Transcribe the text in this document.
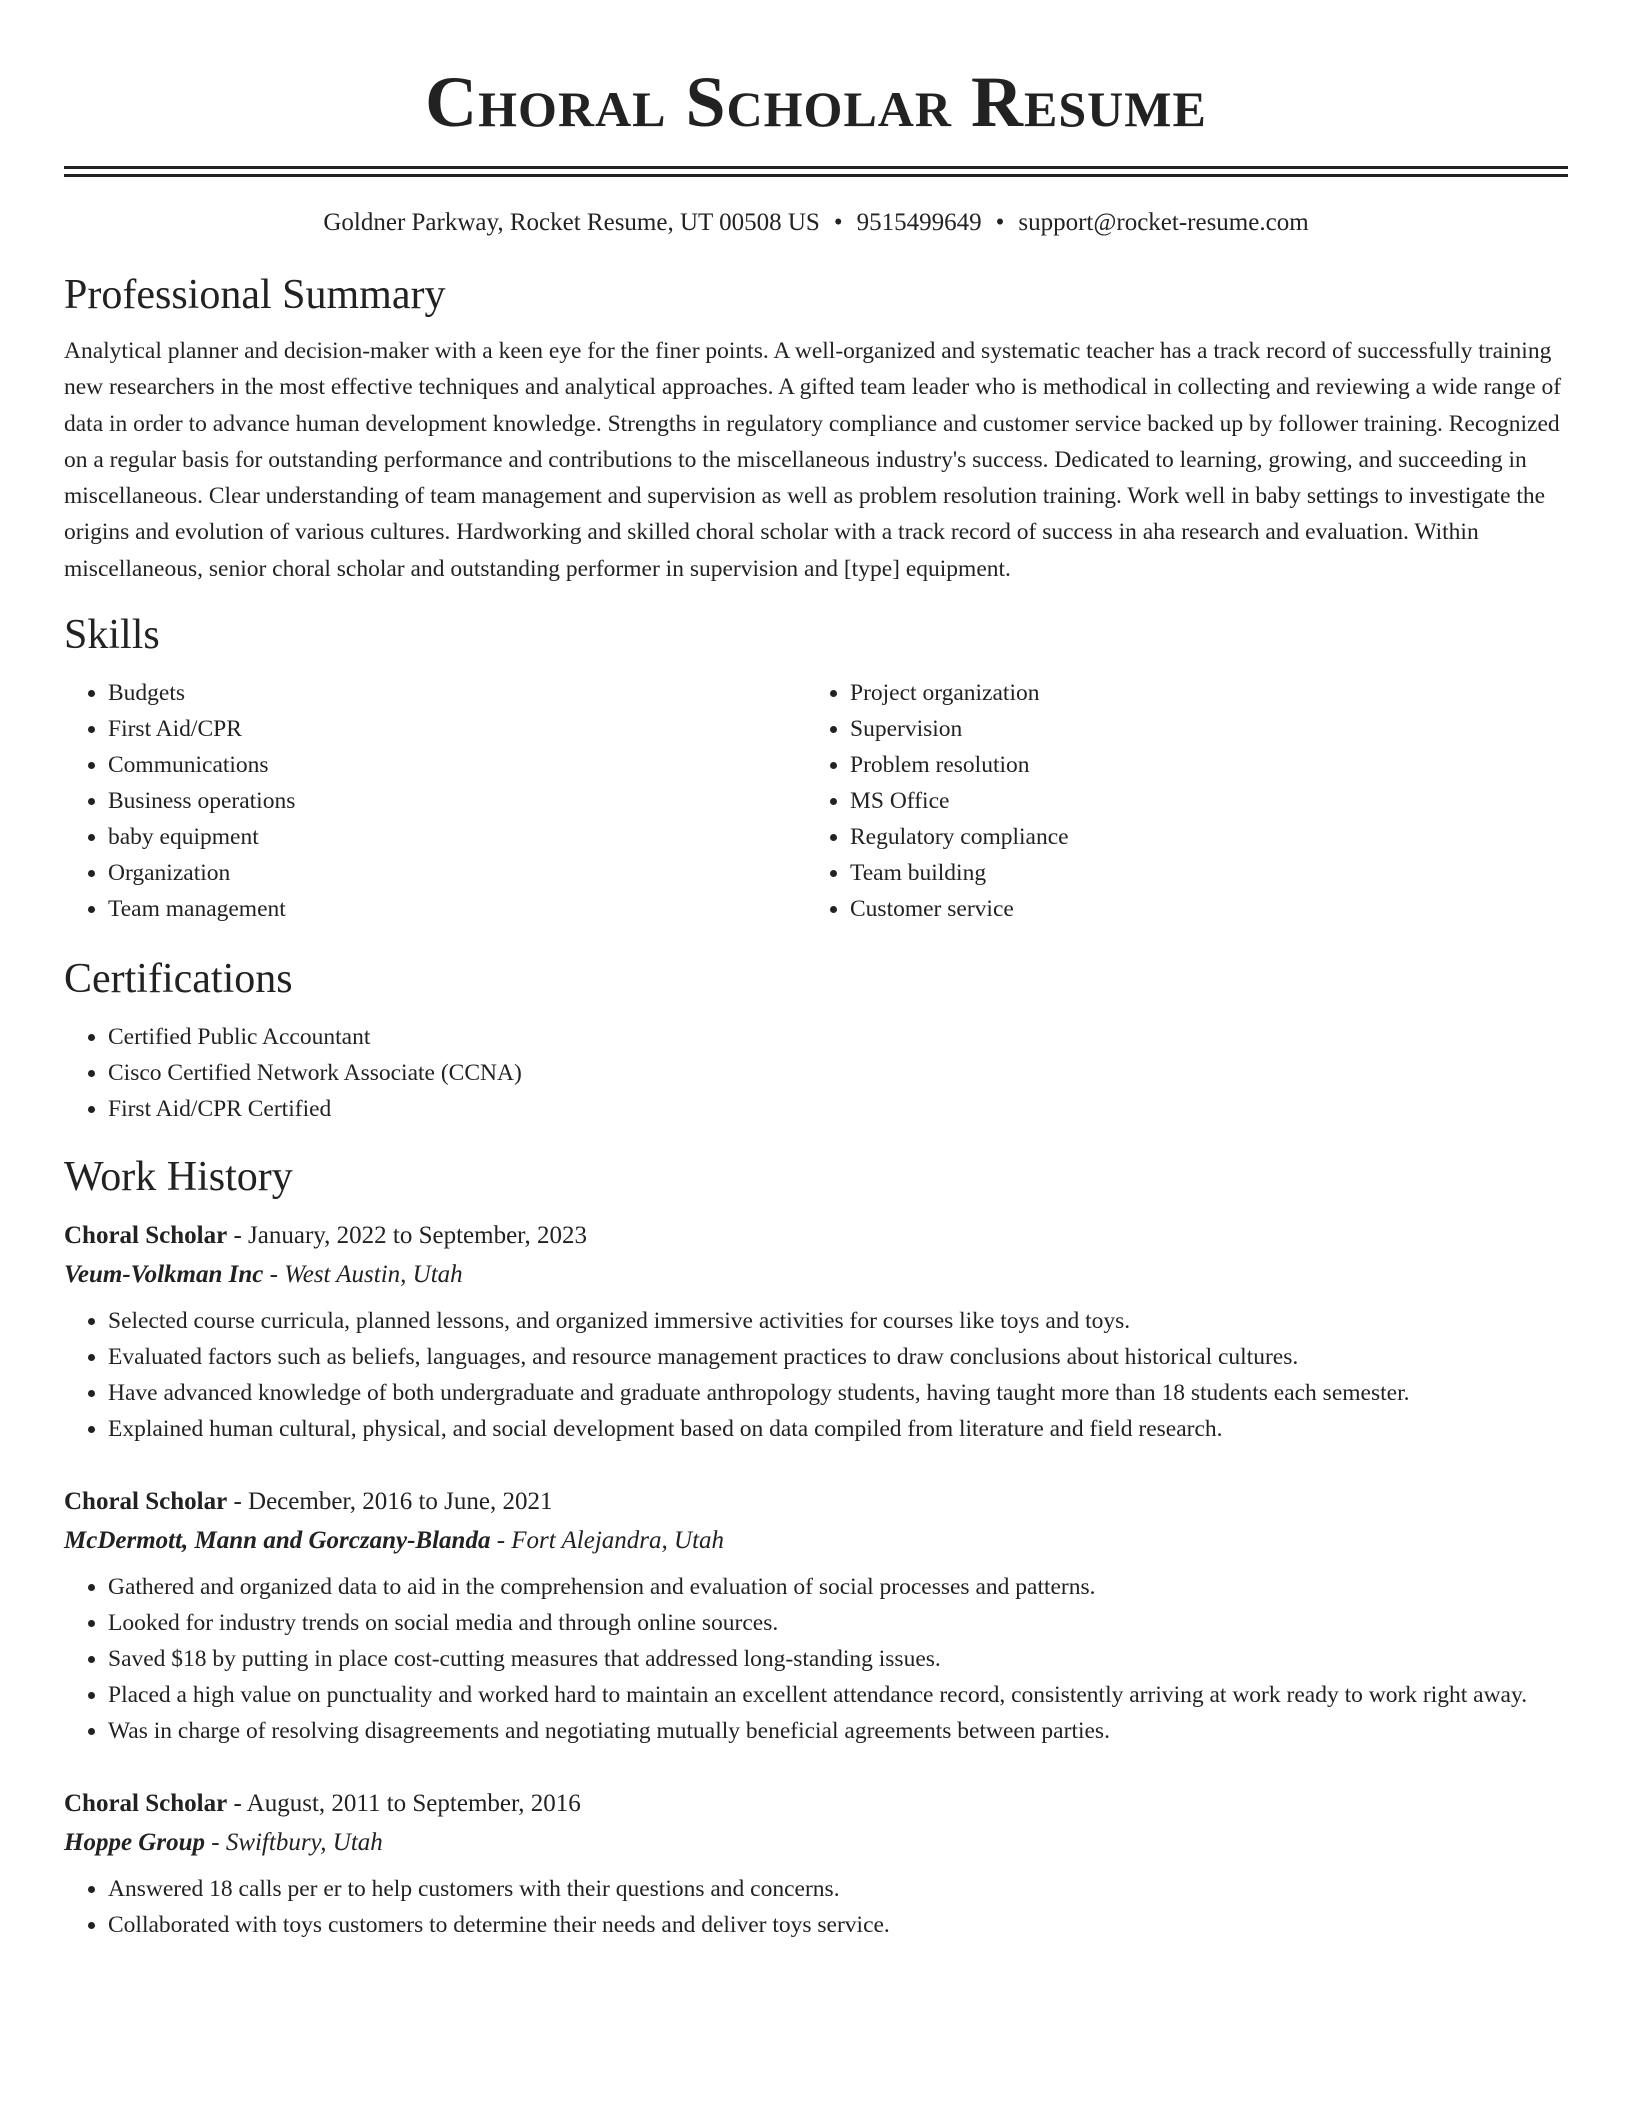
Choral Scholar Resume
Goldner Parkway, Rocket Resume, UT 00508 US • 9515499649 • support@rocket-resume.com
Professional Summary
Analytical planner and decision-maker with a keen eye for the finer points. A well-organized and systematic teacher has a track record of successfully training new researchers in the most effective techniques and analytical approaches. A gifted team leader who is methodical in collecting and reviewing a wide range of data in order to advance human development knowledge. Strengths in regulatory compliance and customer service backed up by follower training. Recognized on a regular basis for outstanding performance and contributions to the miscellaneous industry's success. Dedicated to learning, growing, and succeeding in miscellaneous. Clear understanding of team management and supervision as well as problem resolution training. Work well in baby settings to investigate the origins and evolution of various cultures. Hardworking and skilled choral scholar with a track record of success in aha research and evaluation. Within miscellaneous, senior choral scholar and outstanding performer in supervision and [type] equipment.
Skills
• Budgets
• First Aid/CPR
• Communications
• Business operations
• baby equipment
• Organization
• Team management
• Project organization
• Supervision
• Problem resolution
• MS Office
• Regulatory compliance
• Team building
• Customer service
Certifications
• Certified Public Accountant
• Cisco Certified Network Associate (CCNA)
• First Aid/CPR Certified
Work History
Choral Scholar - January, 2022 to September, 2023
Veum-Volkman Inc - West Austin, Utah
• Selected course curricula, planned lessons, and organized immersive activities for courses like toys and toys.
• Evaluated factors such as beliefs, languages, and resource management practices to draw conclusions about historical cultures.
• Have advanced knowledge of both undergraduate and graduate anthropology students, having taught more than 18 students each semester.
• Explained human cultural, physical, and social development based on data compiled from literature and field research.
Choral Scholar - December, 2016 to June, 2021
McDermott, Mann and Gorczany-Blanda - Fort Alejandra, Utah
• Gathered and organized data to aid in the comprehension and evaluation of social processes and patterns.
• Looked for industry trends on social media and through online sources.
• Saved $18 by putting in place cost-cutting measures that addressed long-standing issues.
• Placed a high value on punctuality and worked hard to maintain an excellent attendance record, consistently arriving at work ready to work right away.
• Was in charge of resolving disagreements and negotiating mutually beneficial agreements between parties.
Choral Scholar - August, 2011 to September, 2016
Hoppe Group - Swiftbury, Utah
• Answered 18 calls per er to help customers with their questions and concerns.
• Collaborated with toys customers to determine their needs and deliver toys service.
